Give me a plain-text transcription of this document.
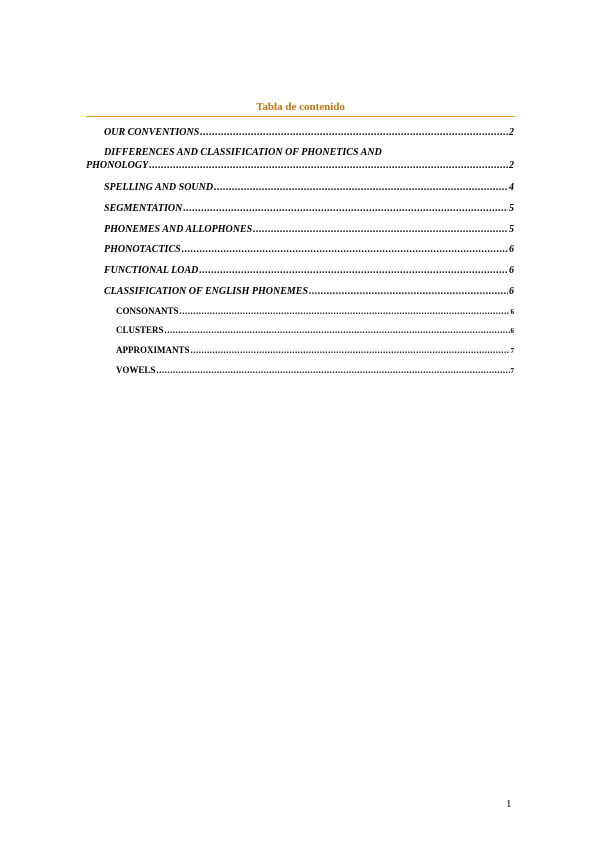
Tabla de contenido
OUR CONVENTIONS .....	2
DIFFERENCES AND CLASSIFICATION OF PHONETICS AND
PHONOLOGY .....	2
SPELLING AND SOUND .....	4
SEGMENTATION .....	5
PHONEMES AND ALLOPHONES .....	5
PHONOTACTICS .....	6
FUNCTIONAL LOAD .....	6
CLASSIFICATION OF ENGLISH PHONEMES .....	6
CONSONANTS .....	6
CLUSTERS .....	6
APPROXIMANTS .....	7
VOWELS .....	7
1
